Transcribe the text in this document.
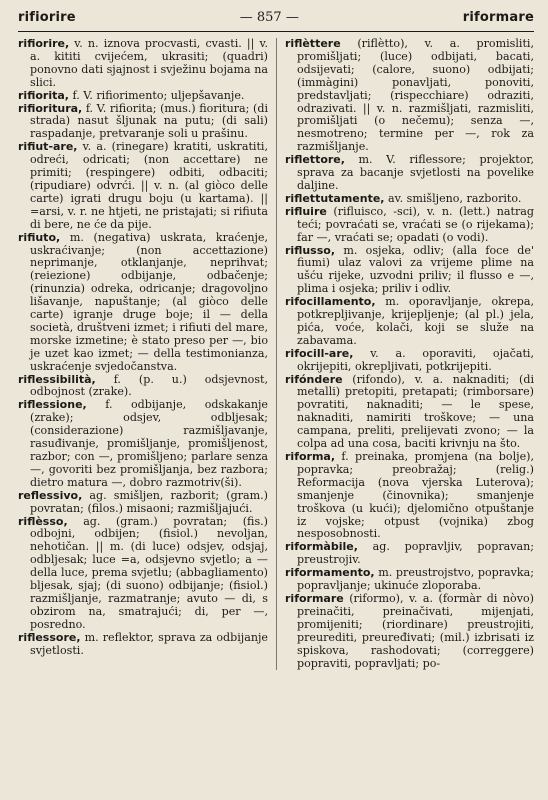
rifiorire	— 857 —	riformare

rifiorire, v. n. iznova procvasti, cvasti. || v. a. kititi cvijećem, ukrasiti; (quadri) ponovno dati sjajnost i svježinu bojama na slici.

rifiorita, f. V. rifiorimento; uljepšavanje.

rifioritura, f. V. rifiorita; (mus.) fioritura; (di strada) nasut šljunak na putu; (di sali) raspadanje, pretvaranje soli u prašinu.

rifiut-are, v. a. (rinegare) kratiti, uskratiti, odreći, odricati; (non accettare) ne primiti; (respingere) odbiti, odbaciti; (ripudiare) odvrći. || v. n. (al giòco delle carte) igrati drugu boju (u kartama). || =arsi, v. r. ne htjeti, ne pristajati; si rifiuta di bere, ne će da pije.

rifiuto, m. (negativa) uskrata, kraćenje, uskraćivanje; (non accettazione) neprimanje, otklanjanje, neprihvat; (reiezione) odbijanje, odbačenje; (rinunzia) odreka, odricanje; dragovoljno lišavanje, napuštanje; (al giòco delle carte) igranje druge boje; il — della società, društveni izmet; i rifiuti del mare, morske izmetine; è stato preso per —, bio je uzet kao izmet; — della testimonianza, uskraćenje svjedočanstva.

riflessibilità, f. (p. u.) odsjevnost, odbojnost (zrake).

riflessione, f. odbijanje, odskakanje (zrake); odsjev, odbljesak; (considerazione) razmišljavanje, rasuđivanje, promišljanje, promišljenost, razbor; con —, promišljeno; parlare senza —, govoriti bez promišljanja, bez razbora; dietro matura —, dobro razmotriv(ši).

reflessivo, ag. smišljen, razborit; (gram.) povratan; (filos.) misaoni; razmišljajući.

riflèsso, ag. (gram.) povratan; (fis.) odbojni, odbijen; (fisiol.) nevoljan, nehotičan. || m. (di luce) odsjev, odsjaj, odbljesak; luce =a, odsjevno svjetlo; a — della luce, prema svjetlu; (abbagliamento) bljesak, sjaj; (di suono) odbijanje; (fisiol.) razmišljanje, razmatranje; avuto — di, s obzirom na, smatrajući; di, per —, posredno.

riflessore, m. reflektor, sprava za odbijanje svjetlosti.

riflèttere (riflètto), v. a. promisliti, promišljati; (luce) odbijati, bacati, odsijevati; (calore, suono) odbijati; (immàgini) ponavljati, ponoviti, predstavljati; (rispecchiare) odraziti, odrazivati. || v. n. razmišljati, razmisliti, promišljati (o nečemu); senza —, nesmotreno; termine per —, rok za razmišljanje.

riflettore, m. V. riflessore; projektor, sprava za bacanje svjetlosti na povelike daljine.

riflettutamente, av. smišljeno, razborito.

rifluire (rifluisco, -sci), v. n. (lett.) natrag teći; povraćati se, vraćati se (o rijekama); far —, vraćati se; opadati (o vodi).

riflusso, m. osjeka, odliv; (alla foce de' fiumi) ulaz valovi za vrijeme plime na ušću rijeke, uzvodni priliv; il flusso e —, plima i osjeka; priliv i odliv.

rifocillamento, m. oporavljanje, okrepa, potkrepljivanje, krijepljenje; (al pl.) jela, pića, voće, kolači, koji se služe na zabavama.

rifocill-are, v. a. oporaviti, ojačati, okrijepiti, okrepljivati, potkrijepiti.

rifóndere (rifondo), v. a. naknaditi; (di metalli) pretopiti, pretapati; (rimborsare) povratiti, naknaditi; — le spese, naknaditi, namiriti troškove; — una campana, preliti, prelijevati zvono; — la colpa ad una cosa, baciti krivnju na što.

riforma, f. preinaka, promjena (na bolje), popravka; preobražaj; (relig.) Reformacija (nova vjerska Luterova); smanjenje (činovnika); smanjenje troškova (u kući); djelomično otpuštanje iz vojske; otpust (vojnika) zbog nesposobnosti.

riformàbile, ag. popravljiv, popravan; preustrojiv.

riformamento, m. preustrojstvo, popravka; popravljanje; ukinuće zloporaba.

riformare (riformo), v. a. (formàr di nòvo) preinačiti, preinačivati, mijenjati, promijeniti; (riordinare) preustrojiti, preurediti, preuređivati; (mil.) izbrisati iz spiskova, rashodovati; (correggere) popraviti, popravljati; po-
